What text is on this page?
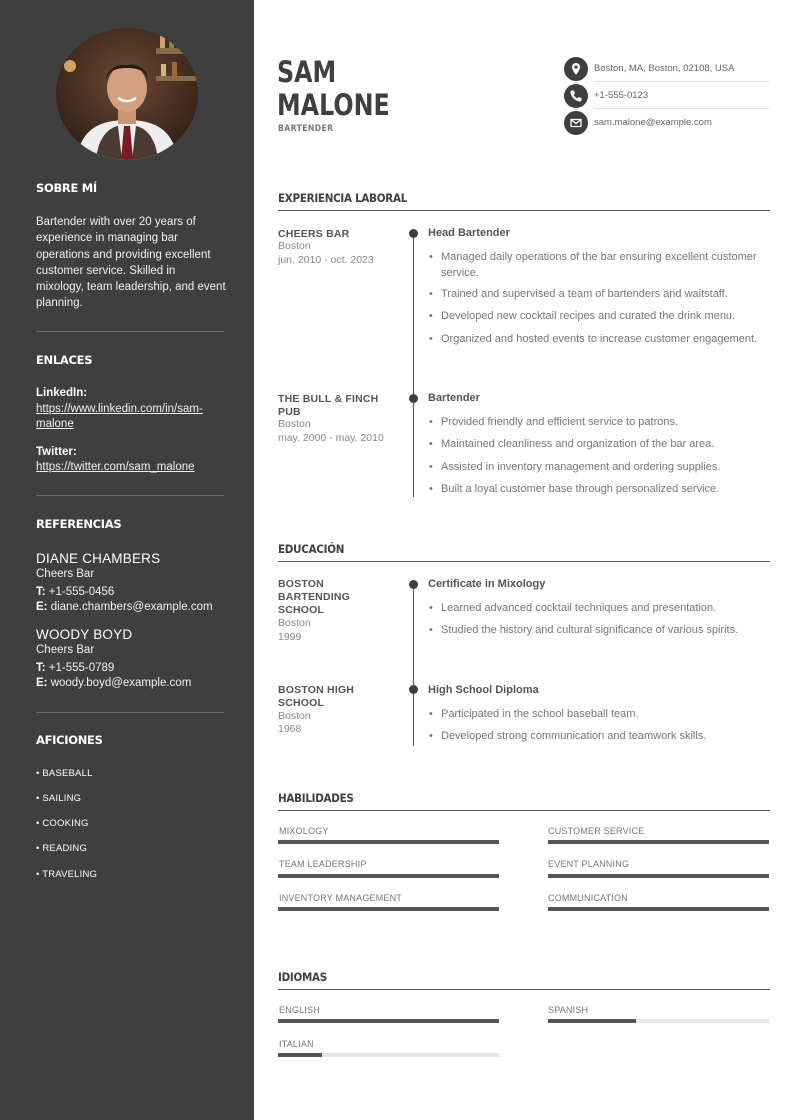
SOBRE MÍ
Bartender with over 20 years of experience in managing bar operations and providing excellent customer service. Skilled in mixology, team leadership, and event planning.
ENLACES
LinkedIn:
https://www.linkedin.com/in/sam-malone
Twitter:
https://twitter.com/sam_malone
REFERENCIAS
DIANE CHAMBERS
Cheers Bar
T: +1-555-0456
E: diane.chambers@example.com
WOODY BOYD
Cheers Bar
T: +1-555-0789
E: woody.boyd@example.com
AFICIONES
• BASEBALL
• SAILING
• COOKING
• READING
• TRAVELING
SAM
MALONE
BARTENDER
Boston, MA, Boston, 02108, USA
+1-555-0123
sam.malone@example.com
EXPERIENCIA LABORAL
CHEERS BAR
Boston
jun. 2010 - oct. 2023
Head Bartender
• Managed daily operations of the bar ensuring excellent customer service.
• Trained and supervised a team of bartenders and waitstaff.
• Developed new cocktail recipes and curated the drink menu.
• Organized and hosted events to increase customer engagement.
THE BULL & FINCH PUB
Boston
may. 2000 - may. 2010
Bartender
• Provided friendly and efficient service to patrons.
• Maintained cleanliness and organization of the bar area.
• Assisted in inventory management and ordering supplies.
• Built a loyal customer base through personalized service.
EDUCACIÓN
BOSTON BARTENDING SCHOOL
Boston
1999
Certificate in Mixology
• Learned advanced cocktail techniques and presentation.
• Studied the history and cultural significance of various spirits.
BOSTON HIGH SCHOOL
Boston
1968
High School Diploma
• Participated in the school baseball team.
• Developed strong communication and teamwork skills.
HABILIDADES
MIXOLOGY	CUSTOMER SERVICE
TEAM LEADERSHIP	EVENT PLANNING
INVENTORY MANAGEMENT	COMMUNICATION
IDIOMAS
ENGLISH	SPANISH
ITALIAN
